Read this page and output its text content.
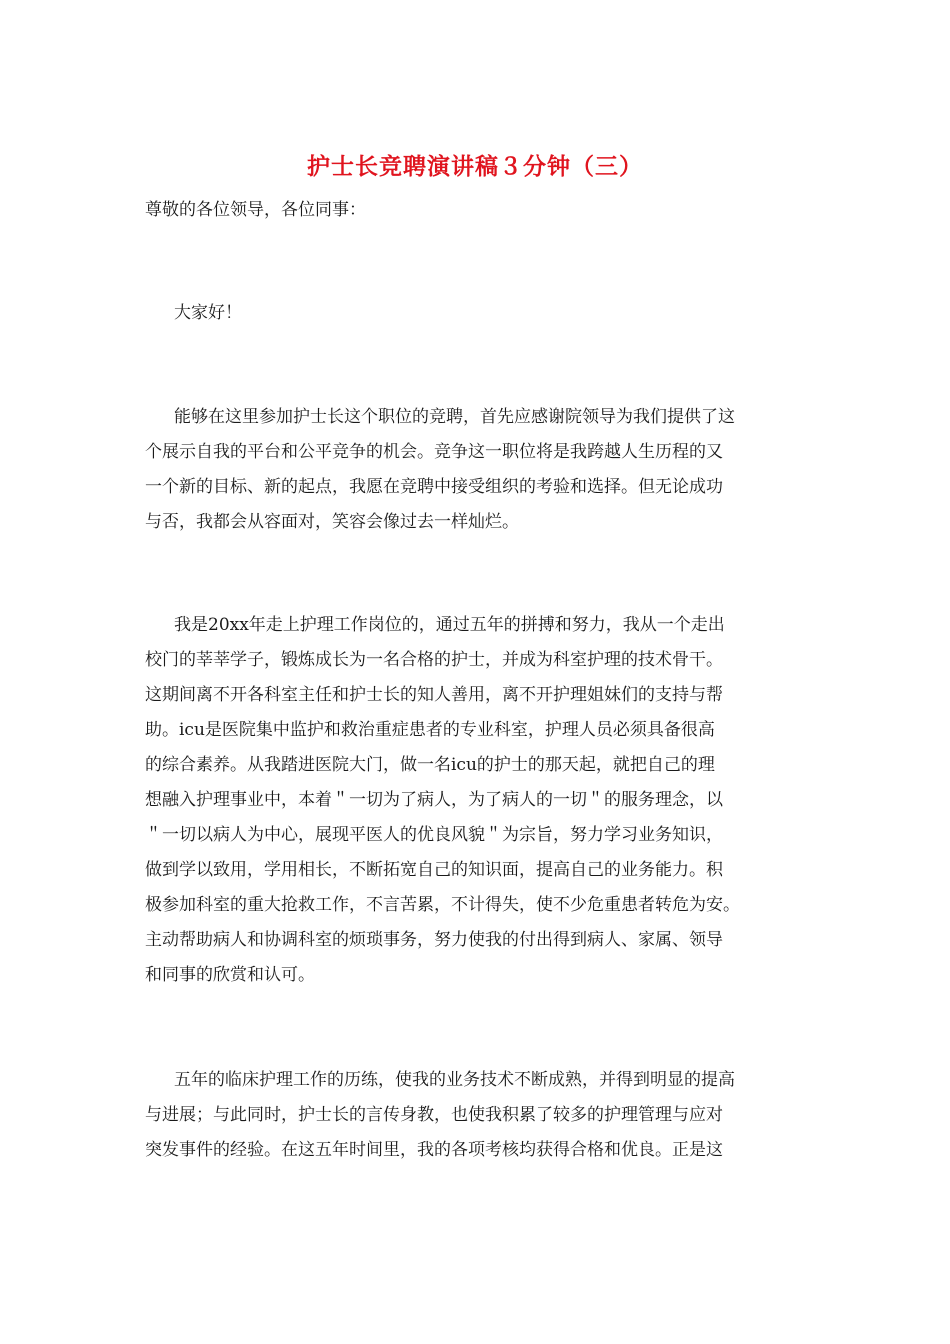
护士长竞聘演讲稿３分钟（三）
尊敬的各位领导，各位同事：
大家好！
能够在这里参加护士长这个职位的竞聘，首先应感谢院领导为我们提供了这
个展示自我的平台和公平竞争的机会。竞争这一职位将是我跨越人生历程的又
一个新的目标、新的起点，我愿在竞聘中接受组织的考验和选择。但无论成功
与否，我都会从容面对，笑容会像过去一样灿烂。
我是20xx年走上护理工作岗位的，通过五年的拼搏和努力，我从一个走出
校门的莘莘学子，锻炼成长为一名合格的护士，并成为科室护理的技术骨干。
这期间离不开各科室主任和护士长的知人善用，离不开护理姐妹们的支持与帮
助。icu是医院集中监护和救治重症患者的专业科室，护理人员必须具备很高
的综合素养。从我踏进医院大门，做一名icu的护士的那天起，就把自己的理
想融入护理事业中，本着＂一切为了病人，为了病人的一切＂的服务理念，以
＂一切以病人为中心，展现平医人的优良风貌＂为宗旨，努力学习业务知识，
做到学以致用，学用相长，不断拓宽自己的知识面，提高自己的业务能力。积
极参加科室的重大抢救工作，不言苦累，不计得失，使不少危重患者转危为安。
主动帮助病人和协调科室的烦琐事务，努力使我的付出得到病人、家属、领导
和同事的欣赏和认可。
五年的临床护理工作的历练，使我的业务技术不断成熟，并得到明显的提高
与进展；与此同时，护士长的言传身教，也使我积累了较多的护理管理与应对
突发事件的经验。在这五年时间里，我的各项考核均获得合格和优良。正是这
